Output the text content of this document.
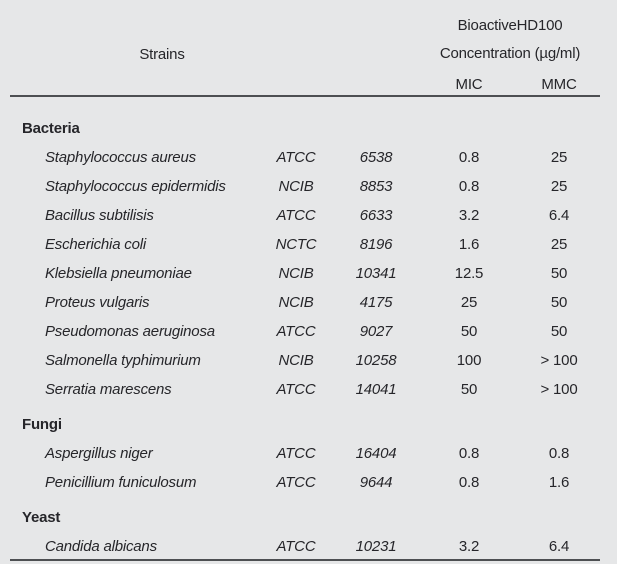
Strains
BioactiveHD100
Concentration (µg/ml)
MIC	MMC
Bacteria
Staphylococcus aureus	ATCC	6538	0.8	25
Staphylococcus epidermidis	NCIB	8853	0.8	25
Bacillus subtilisis	ATCC	6633	3.2	6.4
Escherichia coli	NCTC	8196	1.6	25
Klebsiella pneumoniae	NCIB	10341	12.5	50
Proteus vulgaris	NCIB	4175	25	50
Pseudomonas aeruginosa	ATCC	9027	50	50
Salmonella typhimurium	NCIB	10258	100	> 100
Serratia marescens	ATCC	14041	50	> 100
Fungi
Aspergillus niger	ATCC	16404	0.8	0.8
Penicillium funiculosum	ATCC	9644	0.8	1.6
Yeast
Candida albicans	ATCC	10231	3.2	6.4
